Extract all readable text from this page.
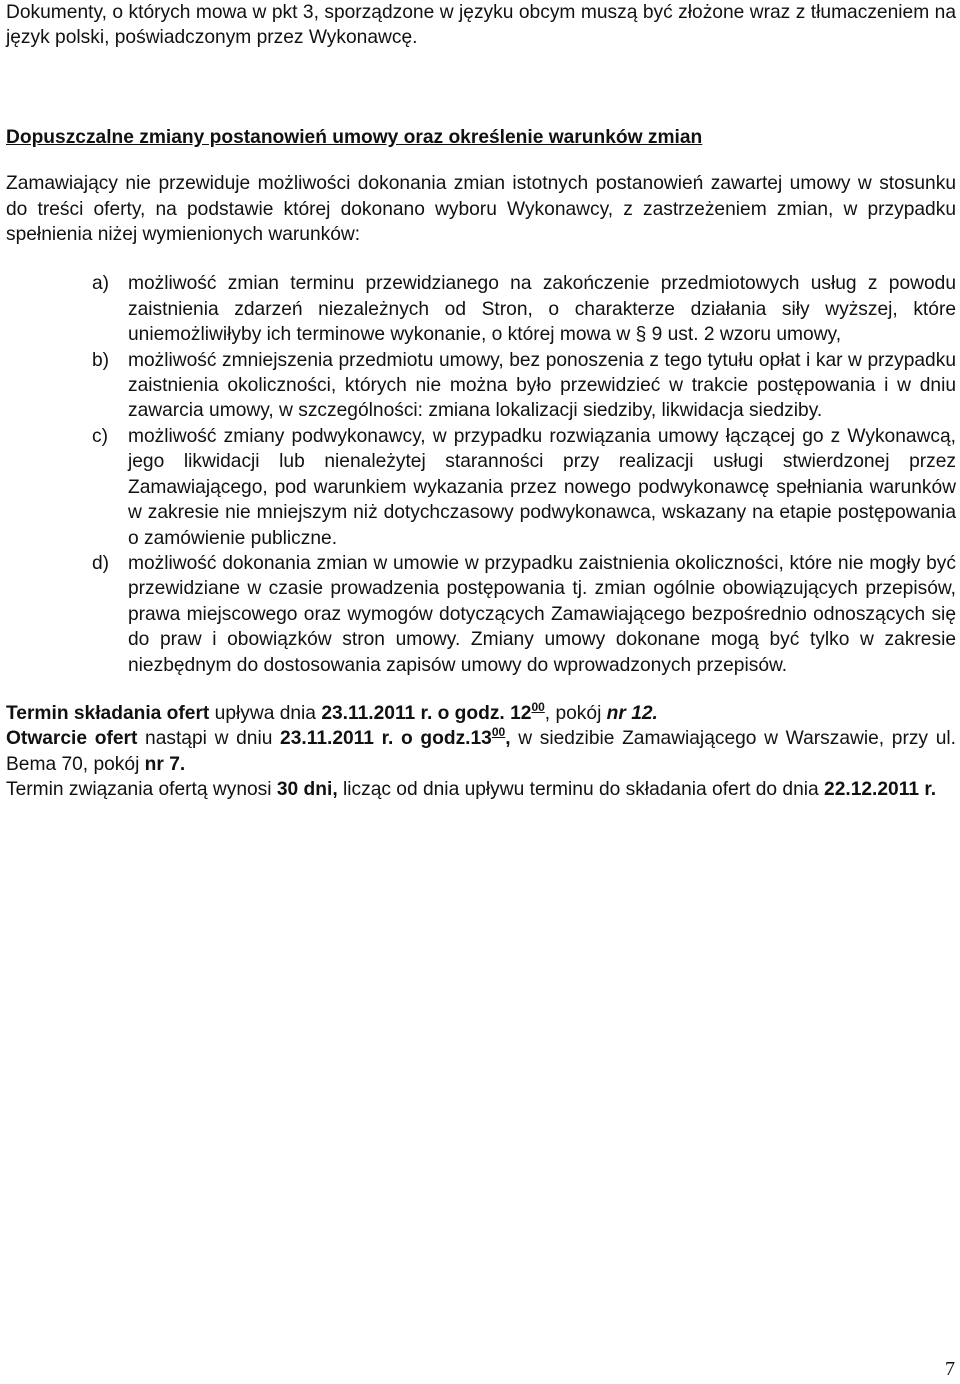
Dokumenty, o których mowa w pkt 3, sporządzone w języku obcym muszą być złożone wraz z tłumaczeniem na język polski, poświadczonym przez Wykonawcę.

Dopuszczalne zmiany postanowień umowy oraz określenie warunków zmian

Zamawiający nie przewiduje możliwości dokonania zmian istotnych postanowień zawartej umowy w stosunku do treści oferty, na podstawie której dokonano wyboru Wykonawcy, z zastrzeżeniem zmian, w przypadku spełnienia niżej wymienionych warunków:

a) możliwość zmian terminu przewidzianego na zakończenie przedmiotowych usług z powodu zaistnienia zdarzeń niezależnych od Stron, o charakterze działania siły wyższej, które uniemożliwiłyby ich terminowe wykonanie, o której mowa w § 9 ust. 2 wzoru umowy,
b) możliwość zmniejszenia przedmiotu umowy, bez ponoszenia z tego tytułu opłat i kar w przypadku zaistnienia okoliczności, których nie można było przewidzieć w trakcie postępowania i w dniu zawarcia umowy, w szczególności: zmiana lokalizacji siedziby, likwidacja siedziby.
c)	możliwość zmiany podwykonawcy, w przypadku rozwiązania umowy łączącej go z Wykonawcą, jego likwidacji lub nienależytej staranności przy realizacji usługi stwierdzonej przez Zamawiającego, pod warunkiem wykazania przez nowego podwykonawcę spełniania warunków w zakresie nie mniejszym niż dotychczasowy podwykonawca, wskazany na etapie postępowania o zamówienie publiczne.
d) możliwość dokonania zmian w umowie w przypadku zaistnienia okoliczności, które nie mogły być przewidziane w czasie prowadzenia postępowania tj. zmian ogólnie obowiązujących przepisów, prawa miejscowego oraz wymogów dotyczących Zamawiającego bezpośrednio odnoszących się do praw i obowiązków stron umowy. Zmiany umowy dokonane mogą być tylko w zakresie niezbędnym do dostosowania zapisów umowy do wprowadzonych przepisów.

Termin składania ofert upływa dnia 23.11.2011 r. o godz. $12^{00}$, pokój nr 12.

Otwarcie ofert nastąpi w dniu 23.11.2011 r. o $godz.13^{00}$, w siedzibie Zamawiającego w Warszawie, przy ul. Bema 70, pokój nr 7.

Termin związania ofertą wynosi 30 dni, licząc od dnia upływu terminu do składania ofert do dnia 22.12.2011 r.

7
